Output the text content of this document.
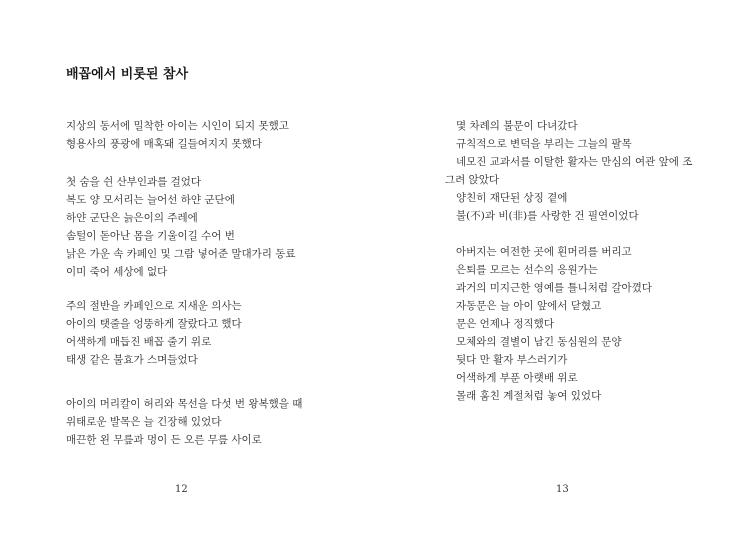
배꼽에서 비롯된 참사
지상의 동서에 밀착한 아이는 시인이 되지 못했고
형용사의 풍광에 매혹돼 길들여지지 못했다
첫 숨을 쉰 산부인과를 걸었다
복도 양 모서리는 늘어선 하얀 군단에
하얀 군단은 늙은이의 주레에
솜털이 돋아난 몸을 기울이길 수어 번
낡은 가운 속 카페인 및 그람 넣어준 말대가리 동료
이미 죽어 세상에 없다
주의 절반을 카페인으로 지새운 의사는
아이의 탯줄을 엉뚱하게 잘랐다고 했다
어색하게 매듭진 배꼽 줄기 위로
태생 같은 불효가 스며들었다
아이의 머리칼이 허리와 목선을 다섯 번 왕복했을 때
위태로운 발목은 늘 긴장해 있었다
매끈한 왼 무릎과 멍이 든 오른 무릎 사이로
12
몇 차례의 불문이 다녀갔다
규칙적으로 변덕을 부리는 그늘의 팔목
네모진 교과서를 이탈한 활자는 만심의 여관 앞에 조
그려 앉았다
양친히 재단된 상징 곁에
불(不)과 비(非)를 사랑한 건 필연이었다
아버지는 여전한 곳에 흰머리를 버리고
은퇴를 모르는 선수의 응원가는
과거의 미지근한 영예를 틀니처럼 갈아꼈다
자동문은 늘 아이 앞에서 닫혔고
문은 언제나 정직했다
모체와의 결별이 남긴 동심원의 문양
뒷다 만 활자 부스러기가
어색하게 부푼 아랫배 위로
몰래 훔친 계절처럼 놓여 있었다
13
